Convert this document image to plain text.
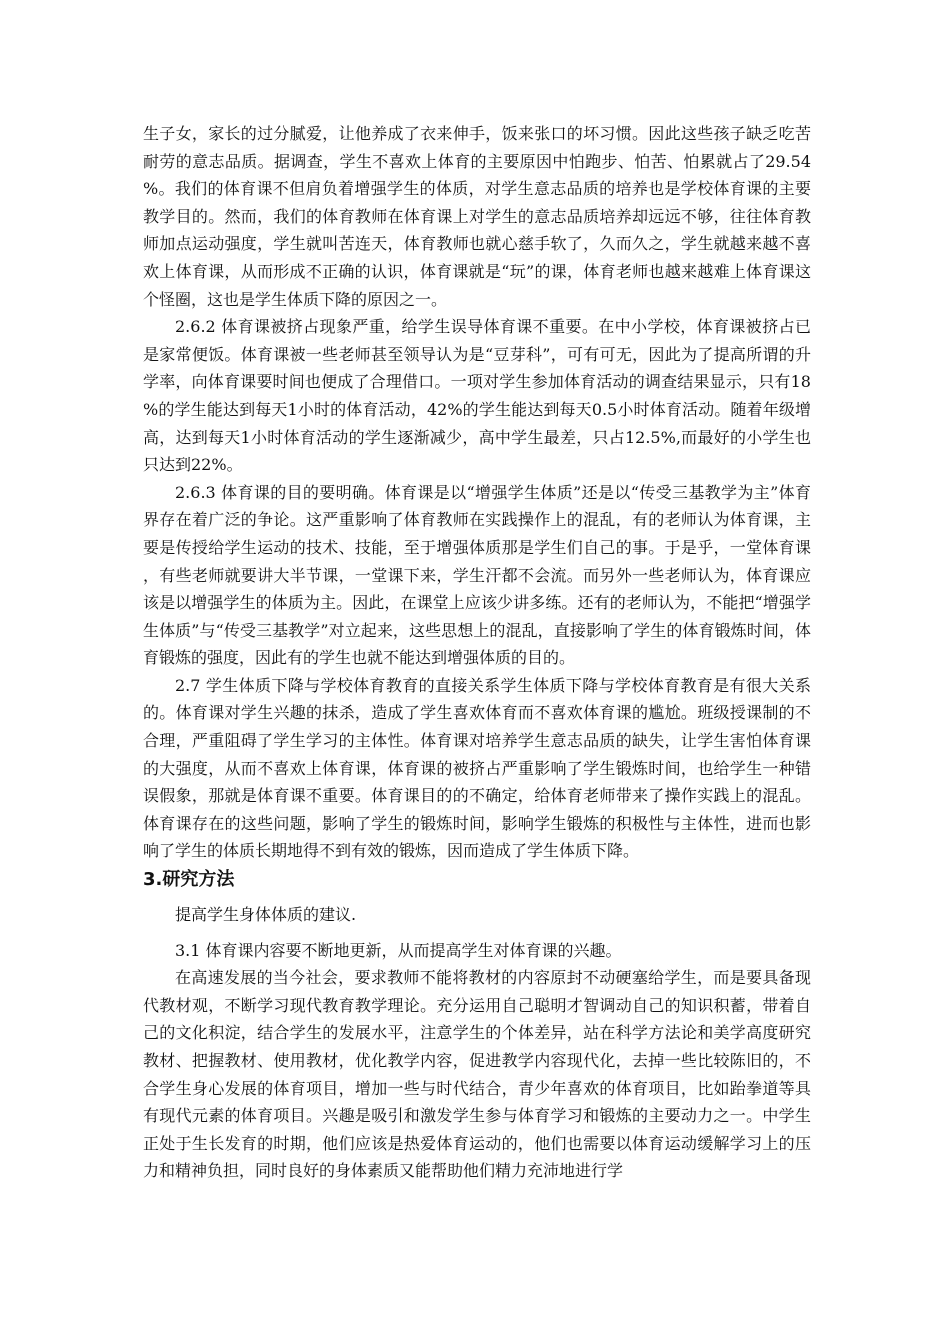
生子女，家长的过分腻爱，让他养成了衣来伸手，饭来张口的坏习惯。因此这些孩子缺乏吃苦耐劳的意志品质。据调查，学生不喜欢上体育的主要原因中怕跑步、怕苦、怕累就占了29.54%。我们的体育课不但肩负着增强学生的体质，对学生意志品质的培养也是学校体育课的主要教学目的。然而，我们的体育教师在体育课上对学生的意志品质培养却远远不够，往往体育教师加点运动强度，学生就叫苦连天，体育教师也就心慈手软了，久而久之，学生就越来越不喜欢上体育课，从而形成不正确的认识，体育课就是“玩”的课，体育老师也越来越难上体育课这个怪圈，这也是学生体质下降的原因之一。

2.6.2 体育课被挤占现象严重，给学生误导体育课不重要。在中小学校，体育课被挤占已是家常便饭。体育课被一些老师甚至领导认为是“豆芽科”，可有可无，因此为了提高所谓的升学率，向体育课要时间也便成了合理借口。一项对学生参加体育活动的调查结果显示，只有18%的学生能达到每天1小时的体育活动，42%的学生能达到每天0.5小时体育活动。随着年级增高，达到每天1小时体育活动的学生逐渐减少，高中学生最差，只占12.5%,而最好的小学生也只达到22%。

2.6.3 体育课的目的要明确。体育课是以“增强学生体质”还是以“传受三基教学为主”体育界存在着广泛的争论。这严重影响了体育教师在实践操作上的混乱，有的老师认为体育课，主要是传授给学生运动的技术、技能，至于增强体质那是学生们自己的事。于是乎，一堂体育课，有些老师就要讲大半节课，一堂课下来，学生汗都不会流。而另外一些老师认为，体育课应该是以增强学生的体质为主。因此，在课堂上应该少讲多练。还有的老师认为，不能把“增强学生体质”与“传受三基教学”对立起来，这些思想上的混乱，直接影响了学生的体育锻炼时间，体育锻炼的强度，因此有的学生也就不能达到增强体质的目的。

2.7 学生体质下降与学校体育教育的直接关系学生体质下降与学校体育教育是有很大关系的。体育课对学生兴趣的抹杀，造成了学生喜欢体育而不喜欢体育课的尴尬。班级授课制的不合理，严重阻碍了学生学习的主体性。体育课对培养学生意志品质的缺失，让学生害怕体育课的大强度，从而不喜欢上体育课，体育课的被挤占严重影响了学生锻炼时间，也给学生一种错误假象，那就是体育课不重要。体育课目的的不确定，给体育老师带来了操作实践上的混乱。体育课存在的这些问题，影响了学生的锻炼时间，影响学生锻炼的积极性与主体性，进而也影响了学生的体质长期地得不到有效的锻炼，因而造成了学生体质下降。

3.研究方法

提高学生身体体质的建议.

3.1 体育课内容要不断地更新，从而提高学生对体育课的兴趣。

在高速发展的当今社会，要求教师不能将教材的内容原封不动硬塞给学生，而是要具备现代教材观，不断学习现代教育教学理论。充分运用自己聪明才智调动自己的知识积蓄，带着自己的文化积淀，结合学生的发展水平，注意学生的个体差异，站在科学方法论和美学高度研究教材、把握教材、使用教材，优化教学内容，促进教学内容现代化，去掉一些比较陈旧的，不合学生身心发展的体育项目，增加一些与时代结合，青少年喜欢的体育项目，比如跆拳道等具有现代元素的体育项目。兴趣是吸引和激发学生参与体育学习和锻炼的主要动力之一。中学生正处于生长发育的时期，他们应该是热爱体育运动的，他们也需要以体育运动缓解学习上的压力和精神负担，同时良好的身体素质又能帮助他们精力充沛地进行学
